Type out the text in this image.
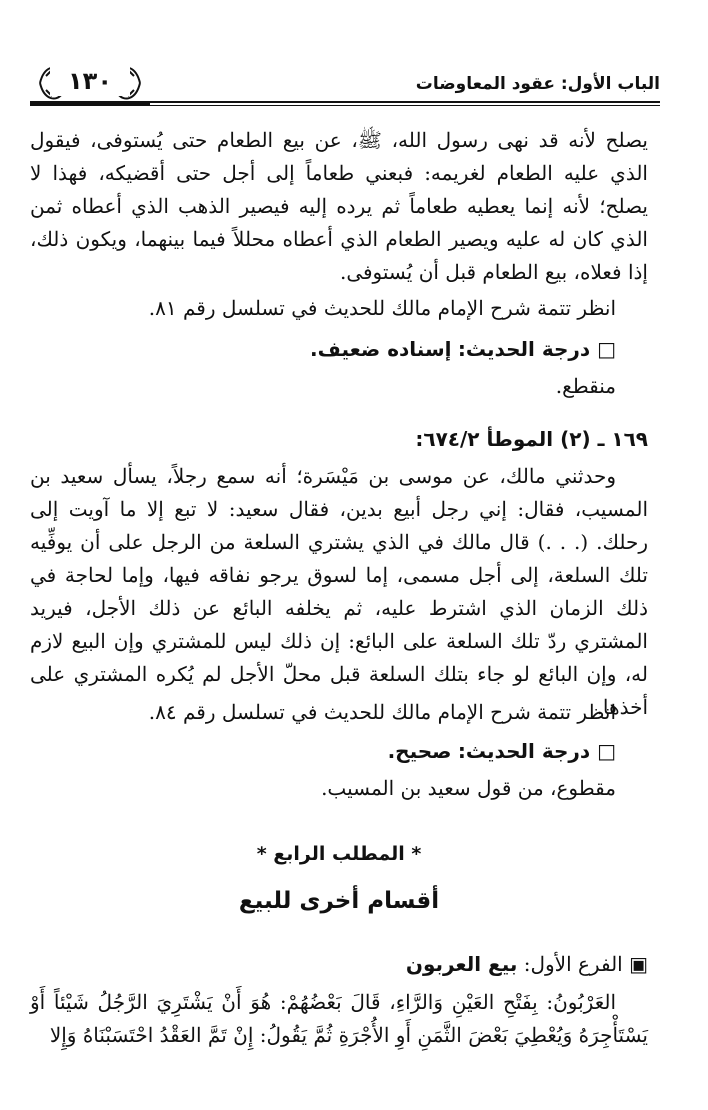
الباب الأول: عقود المعاوضات
١٣٠

يصلح لأنه قد نهى رسول الله، ﷺ، عن بيع الطعام حتى يُستوفى، فيقول الذي عليه الطعام لغريمه: فبعني طعاماً إلى أجل حتى أقضيكه، فهذا لا يصلح؛ لأنه إنما يعطيه طعاماً ثم يرده إليه فيصير الذهب الذي أعطاه ثمن الذي كان له عليه ويصير الطعام الذي أعطاه محللاً فيما بينهما، ويكون ذلك، إذا فعلاه، بيع الطعام قبل أن يُستوفى.

انظر تتمة شرح الإمام مالك للحديث في تسلسل رقم ٨١.

□ درجة الحديث: إسناده ضعيف.

منقطع.

١٦٩ ـ (٢) الموطأ ٦٧٤/٢:

وحدثني مالك، عن موسى بن مَيْسَرة؛ أنه سمع رجلاً، يسأل سعيد بن المسيب، فقال: إني رجل أبيع بدين، فقال سعيد: لا تبع إلا ما آويت إلى رحلك. (. . .) قال مالك في الذي يشتري السلعة من الرجل على أن يوفِّيه تلك السلعة، إلى أجل مسمى، إما لسوق يرجو نفاقه فيها، وإما لحاجة في ذلك الزمان الذي اشترط عليه، ثم يخلفه البائع عن ذلك الأجل، فيريد المشتري ردّ تلك السلعة على البائع: إن ذلك ليس للمشتري وإن البيع لازم له، وإن البائع لو جاء بتلك السلعة قبل محلّ الأجل لم يُكره المشتري على أخذها.

انظر تتمة شرح الإمام مالك للحديث في تسلسل رقم ٨٤.

□ درجة الحديث: صحيح.

مقطوع، من قول سعيد بن المسيب.

* المطلب الرابع *

أقسام أخرى للبيع

▣ الفرع الأول: بيع العربون

العَرْبُونُ: بِفَتْحِ العَيْنِ وَالرَّاءِ، قَالَ بَعْضُهُمْ: هُوَ أَنْ يَشْتَرِيَ الرَّجُلُ شَيْئاً أَوْ يَسْتَأْجِرَهُ وَيُعْطِيَ بَعْضَ الثَّمَنِ أَوِ الأُجْرَةِ ثُمَّ يَقُولُ: إِنْ تَمَّ العَقْدُ احْتَسَبْنَاهُ وَإِلا
